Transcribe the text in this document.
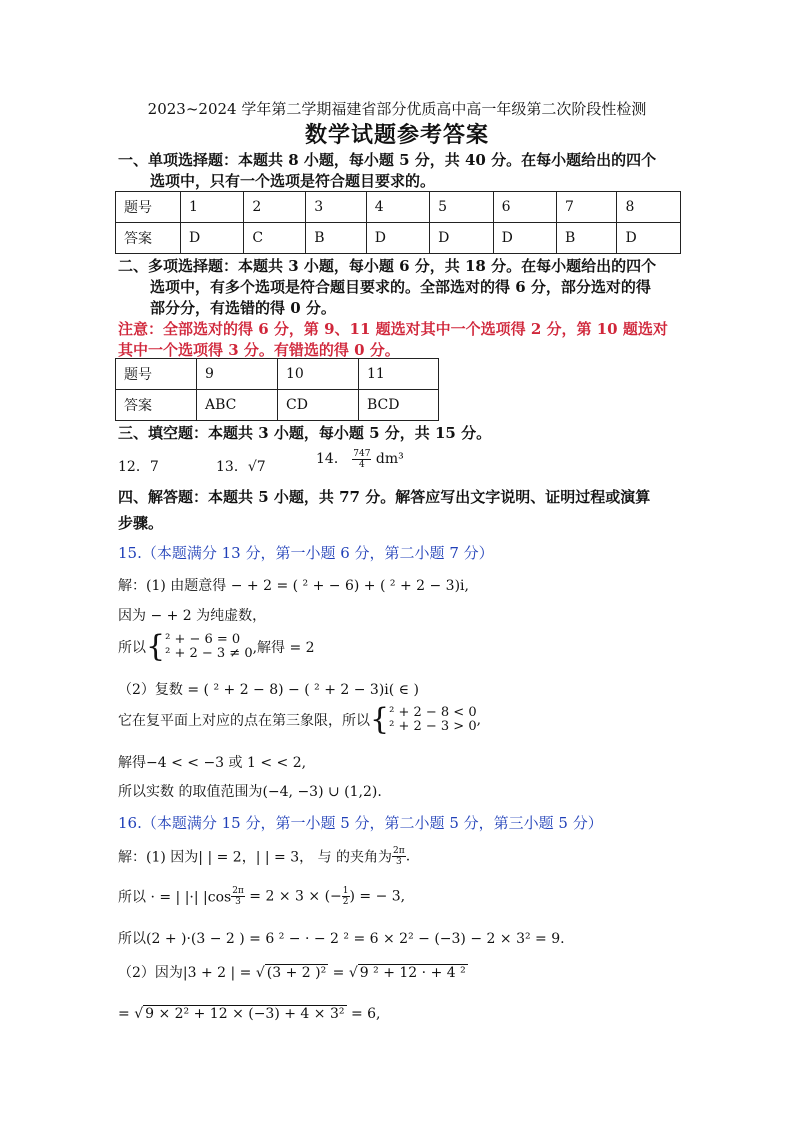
2023~2024 学年第二学期福建省部分优质高中高一年级第二次阶段性检测
数学试题参考答案
一、单项选择题：本题共 8 小题，每小题 5 分，共 40 分。在每小题给出的四个
选项中，只有一个选项是符合题目要求的。
题号	1	2	3	4	5	6	7	8
答案	D	C	B	D	D	D	B	D
二、多项选择题：本题共 3 小题，每小题 6 分，共 18 分。在每小题给出的四个
选项中，有多个选项是符合题目要求的。全部选对的得 6 分，部分选对的得
部分分，有选错的得 0 分。
注意：全部选对的得 6 分，第 9、11 题选对其中一个选项得 2 分，第 10 题选对
其中一个选项得 3 分。有错选的得 0 分。
题号	9	10	11
答案	ABC	CD	BCD
三、填空题：本题共 3 小题，每小题 5 分，共 15 分。
12．7	13．√7	14． $\frac{747}{4} dm^3$
四、解答题：本题共 5 小题，共 77 分。解答应写出文字说明、证明过程或演算
步骤。
15.（本题满分 13 分，第一小题 6 分，第二小题 7 分）
解：(1) 由题意得 − + 2 = ( ² + − 6) + ( ² + 2 − 3)i,
因为 − + 2 为纯虚数，
所以{ ² + − 6 = 0
² + 2 − 3 ≠ 0 ,解得 = 2
（2）复数 = ( ² + 2 − 8) − ( ² + 2 − 3)i( ∈ )
它在复平面上对应的点在第三象限，所以{ ² + 2 − 8 < 0
² + 2 − 3 > 0 ,
解得−4 < < −3 或 1 < < 2,
所以实数 的取值范围为(−4, −3) ∪ (1,2).
16.（本题满分 15 分，第一小题 5 分，第二小题 5 分，第三小题 5 分）
解：(1) 因为| | = 2，| | = 3， 与 的夹角为 $\frac{2\pi}{3}$ .
所以 · = | |·| $|\cos \frac{2\pi}{3} = 2 \times 3$ × (− $\frac{1}{2}$ ) = − 3,
所以(2 + )·(3 − 2 ) = 6 ² − · − 2 ² = 6 × 2² − (−3) − 2 × 3² = 9.
（2）因为|3 + 2 | = √ (3 + 2 )² = √ 9 ² + 12 · + 4 ²
= √ 9 × 2² + 12 × (−3) + 4 × 3² = 6,
